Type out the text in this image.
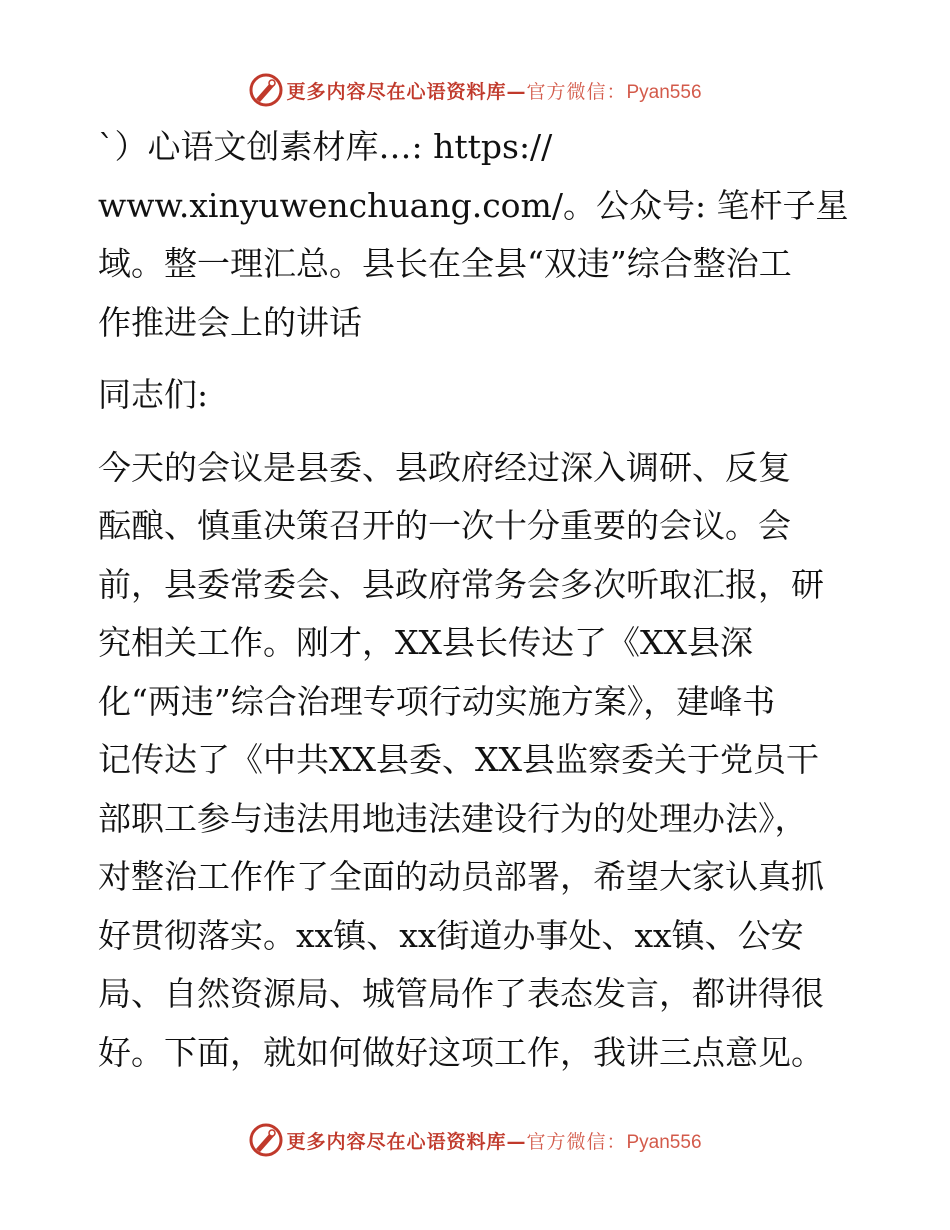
更多内容尽在心语资料库—官方微信：Pyan556

`）心语文创素材库…: https://

www.xinyuwenchuang.com/。公众号: 笔杆子星

域。整一理汇总。县长在全县“双违”综合整治工

作推进会上的讲话

同志们:

今天的会议是县委、县政府经过深入调研、反复

酝酿、慎重决策召开的一次十分重要的会议。会

前，县委常委会、县政府常务会多次听取汇报，研

究相关工作。刚才，XX县长传达了《XX县深

化“两违”综合治理专项行动实施方案》，建峰书

记传达了《中共XX县委、XX县监察委关于党员干

部职工参与违法用地违法建设行为的处理办法》，

对整治工作作了全面的动员部署，希望大家认真抓

好贯彻落实。xx镇、xx街道办事处、xx镇、公安

局、自然资源局、城管局作了表态发言，都讲得很

好。下面，就如何做好这项工作，我讲三点意见。

更多内容尽在心语资料库—官方微信：Pyan556
